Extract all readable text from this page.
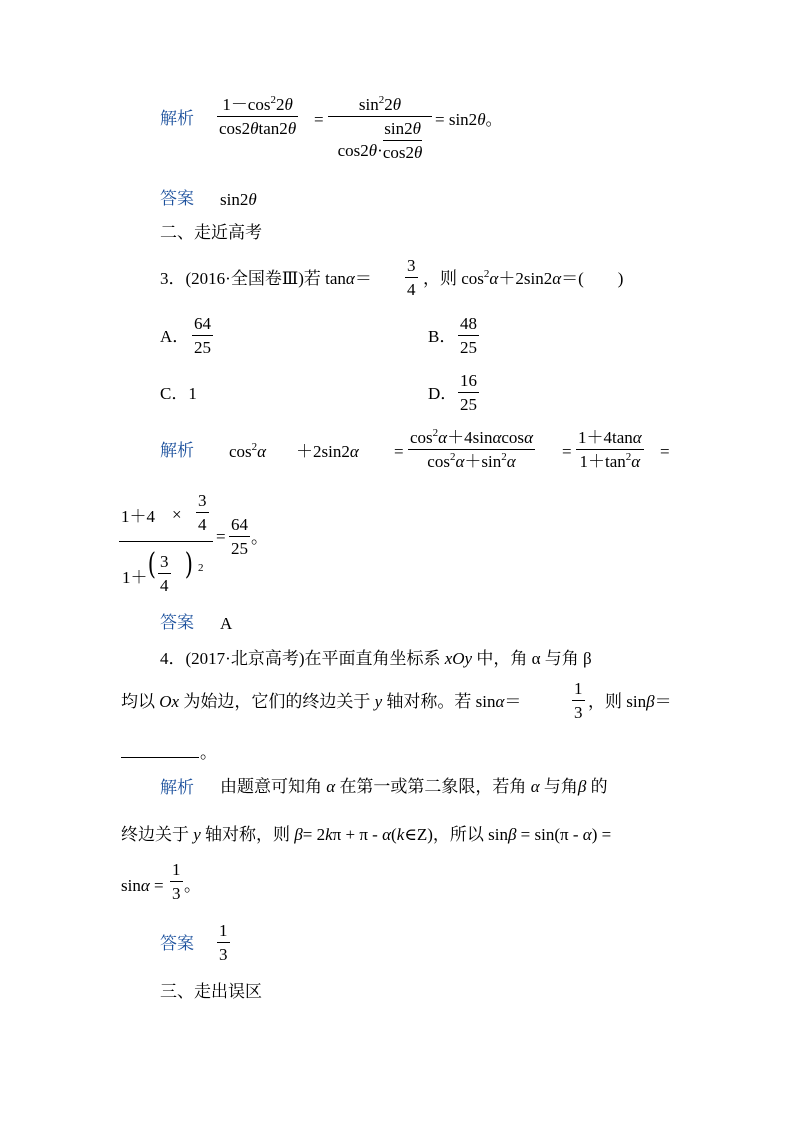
解析
$1-\cos^22\theta$
cos2θtan2θ =
$\sin^22\theta$
cos2θ·
sin2θ
cos2θ
= sin2θ。
答案 sin2θ
二、走近高考
3．(2016·全国卷Ⅲ)若 tanα＝
3
4
，则 $\cos^2\alpha+2\sin 2\alpha=$(　　)
A．
64
25
B．
48
25
C．1	D．
16
25
解析 $\cos^2\alpha +2\sin 2\alpha$ =
$\cos^2\alpha+4\sin\alpha\cos\alpha$
$\cos^2\alpha+\sin^2\alpha$
=
1＋4tanα
$1+\tan^2\alpha$
=
1＋4 ×
3
4
1＋ ( 3
4
) 2
=
64
25
。
答案 A
4．(2017·北京高考)在平面直角坐标系 xOy 中，角 α 与角 β
均以 Ox 为始边，它们的终边关于 y 轴对称。若 sinα＝
1
3
，则 sinβ＝
。
解析 由题意可知角 α 在第一或第二象限，若角 α 与角β 的
终边关于 y 轴对称，则 β= 2kπ + π - α(k∈Z)，所以 sinβ = sin(π - α) =
sinα =
1
3 。
答案
1
3
三、走出误区
